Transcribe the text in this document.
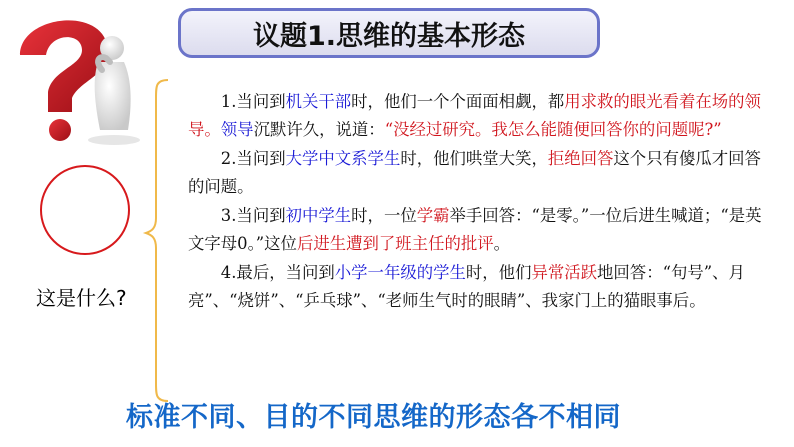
议题1.思维的基本形态
这是什么?

1.当问到机关干部时，他们一个个面面相觑，都用求救的眼光看着在场的领导。领导沉默许久，说道：“没经过研究。我怎么能随便回答你的问题呢?”

2.当问到大学中文系学生时，他们哄堂大笑，拒绝回答这个只有傻瓜才回答的问题。

3.当问到初中学生时，一位学霸举手回答：“是零。”一位后进生喊道；“是英文字母0。”这位后进生遭到了班主任的批评。

4.最后，当问到小学一年级的学生时，他们异常活跃地回答：“句号”、月亮”、“烧饼”、“乒乓球”、“老师生气时的眼睛”、我家门上的猫眼事后。

标准不同、目的不同思维的形态各不相同
